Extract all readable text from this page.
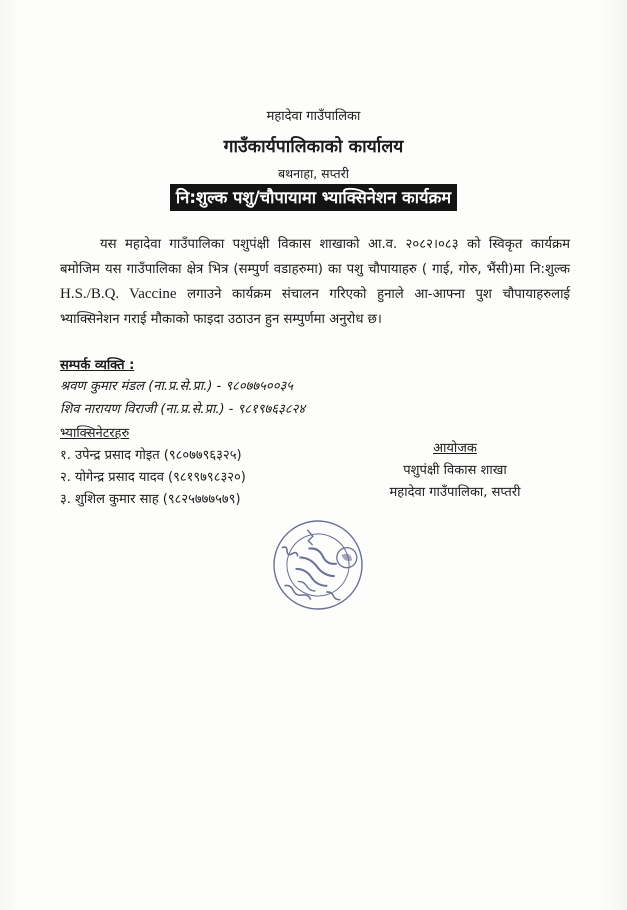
महादेवा गाउँपालिका
गाउँकार्यपालिकाको कार्यालय
बथनाहा, सप्तरी
नि:शुल्क पशु/चौपायामा भ्याक्सिनेशन कार्यक्रम
यस महादेवा गाउँपालिका पशुपंक्षी विकास शाखाको आ.व. २०८२।०८३ को स्विकृत कार्यक्रम बमोजिम यस गाउँपालिका क्षेत्र भित्र (सम्पुर्ण वडाहरुमा) का पशु चौपायाहरु ( गाई, गोरु, भैंसी)मा नि:शुल्क H.S./B.Q. Vaccine लगाउने कार्यक्रम संचालन गरिएको हुनाले आ-आफ्ना पुश चौपायाहरुलाई भ्याक्सिनेशन गराई मौकाको फाइदा उठाउन हुन सम्पुर्णमा अनुरोध छ।
सम्पर्क व्यक्ति :
श्रवण कुमार मंडल (ना.प्र.से.प्रा.) - ९८०७७५००३५
शिव नारायण विराजी (ना.प्र.से.प्रा.) - ९८१९७६३८२४
भ्याक्सिनेटरहरु
१. उपेन्द्र प्रसाद गोइत (९८०७७९६३२५)
२. योगेन्द्र प्रसाद यादव (९८१९७९८३२०)
३. शुशिल कुमार साह (९८२५७७७५७९)
आयोजक
पशुपंक्षी विकास शाखा
महादेवा गाउँपालिका, सप्तरी
